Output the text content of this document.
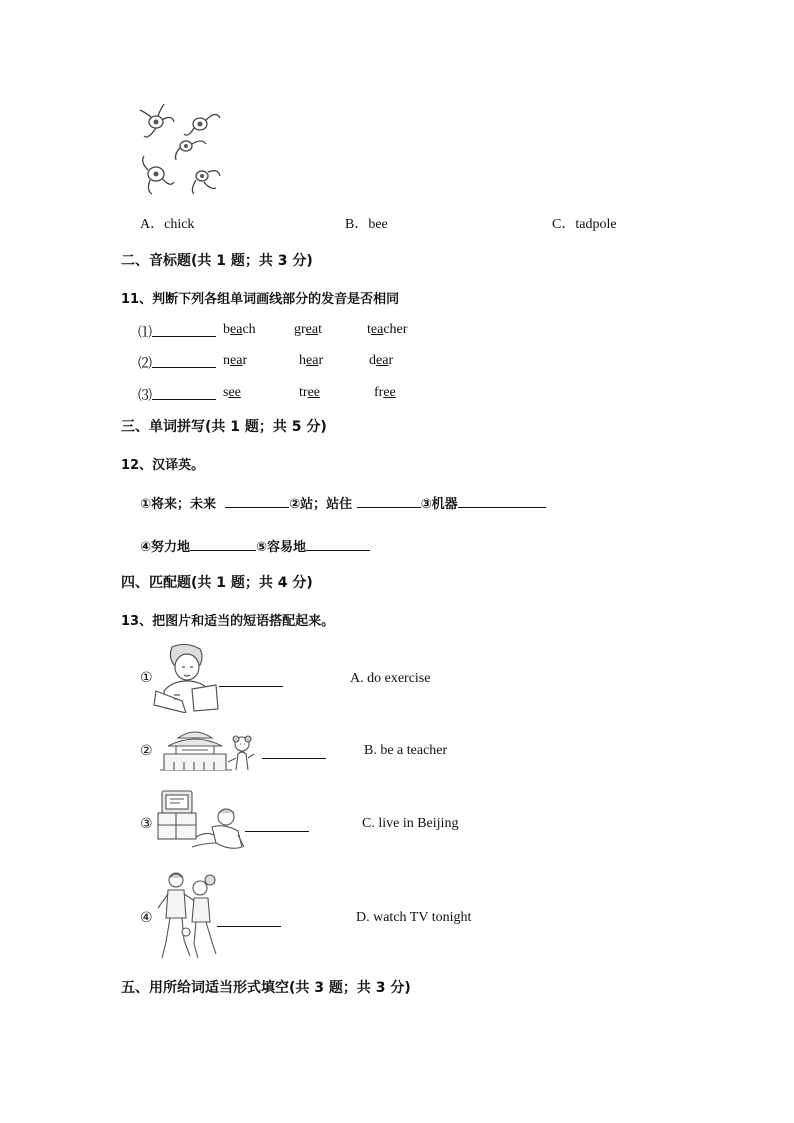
A．chick	B．bee	C．tadpole
二、音标题(共 1 题；共 3 分)
11、判断下列各组单词画线部分的发音是否相同
⑴	beach	great	teacher
⑵	near	hear	dear
⑶	see	tree	free
三、单词拼写(共 1 题；共 5 分)
12、汉译英。
①将来；未来	②站；站住	③机器
④努力地	⑤容易地
四、匹配题(共 1 题；共 4 分)
13、把图片和适当的短语搭配起来。
①	A. do exercise
②	B. be a teacher
③	C. live in Beijing
④	D. watch TV tonight
五、用所给词适当形式填空(共 3 题；共 3 分)
